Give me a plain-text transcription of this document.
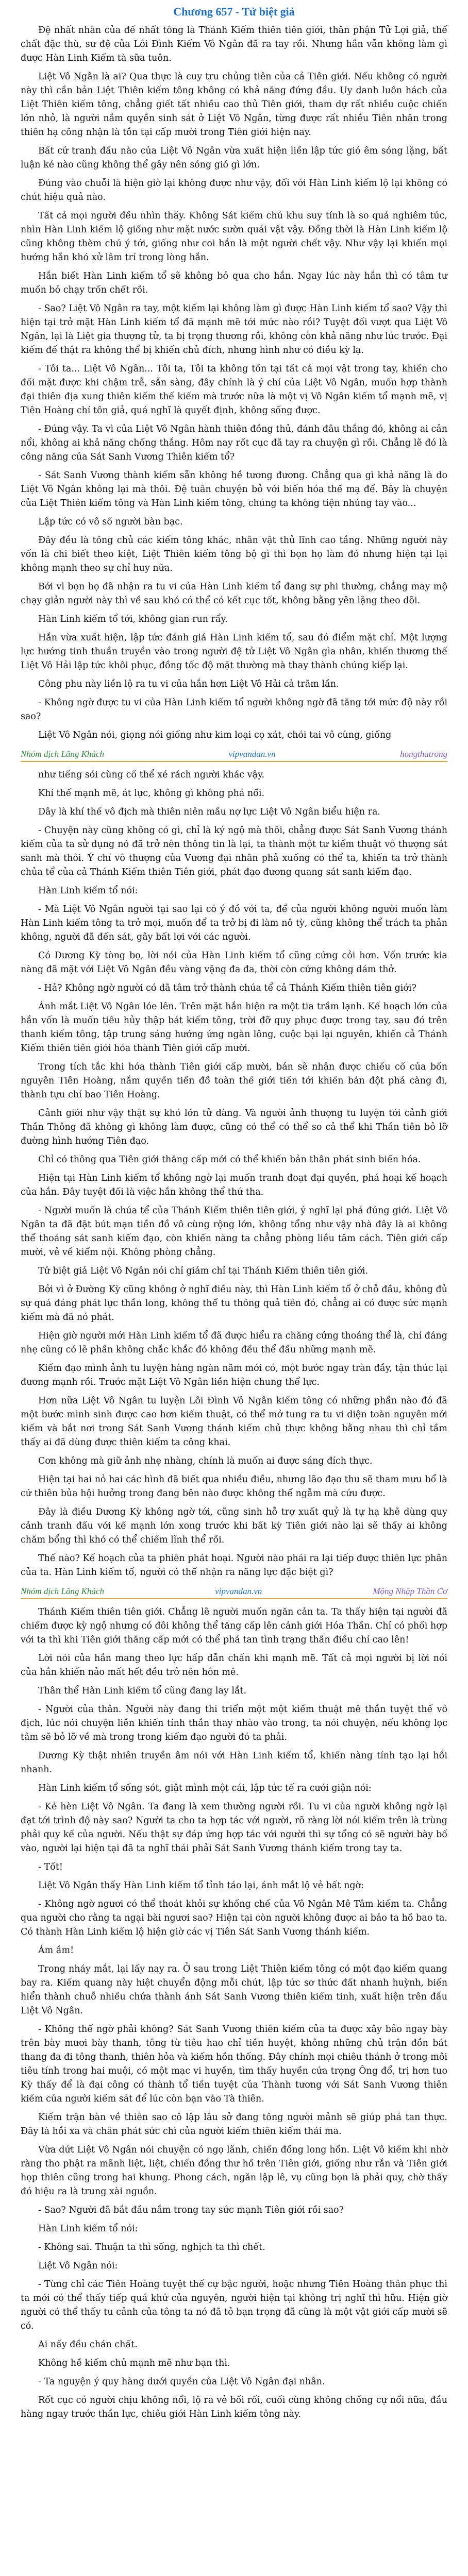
Chương 657 - Tử biệt giả

Đệ nhất nhân của đế nhất tông là Thánh Kiếm thiên tiên giới, thân phận Tử Lợi giả, thế chất đặc thù, sư đệ của Lôi Đình Kiếm Vô Ngân đã ra tay rồi. Nhưng hắn vẫn không làm gì được Hàn Linh Kiếm tà sữa tuôn.

Liệt Vô Ngân là ai? Qua thực là cuy tru chủng tiên của cả Tiên giới. Nếu không có người này thì cần bản Liệt Thiên kiếm tông không có khả năng đứng đầu. Uy danh luôn hách của Liệt Thiên kiếm tông, chẳng giết tất nhiều cao thủ Tiên giới, tham dự rất nhiều cuộc chiến lớn nhỏ, là người nắm quyền sinh sát ở Liệt Vô Ngân, từng được rất nhiều Tiên nhân trong thiên hạ công nhận là tồn tại cấp mười trong Tiên giới hiện nay.

Bất cứ tranh đấu nào của Liệt Vô Ngân vừa xuất hiện liền lập tức gió êm sóng lặng, bất luận kẻ nào cũng không thể gây nên sóng gió gì lớn.

Đúng vào chuỗi là hiện giờ lại không được như vậy, đối với Hàn Linh kiếm lộ lại không có chút hiệu quả nào.

Tất cả mọi người đều nhìn thấy. Không Sát kiếm chủ khu suy tính là so quả nghiêm túc, nhìn Hàn Linh kiếm lộ giống như mặt nước sườn quái vật vậy. Đồng thời là Hàn Linh kiếm lộ cũng không thèm chú ý tới, giống như coi hắn là một người chết vậy. Như vậy lại khiến mọi hướng hắn khó xử lâm trí trong lòng hắn.

Hắn biết Hàn Linh kiếm tổ sẽ không bỏ qua cho hắn. Ngay lúc này hắn thì có tâm tư muốn bỏ chạy trốn chết rồi.

- Sao? Liệt Vô Ngân ra tay, một kiếm lại không làm gì được Hàn Linh kiếm tổ sao? Vậy thì hiện tại trở mặt Hàn Linh kiếm tổ đã mạnh mẽ tới mức nào rồi? Tuyệt đối vượt qua Liệt Vô Ngân, lại là Liệt gia thượng tử, ta bị trọng thương rồi, không còn khả năng như lúc trước. Đại kiếm đế thật ra không thể bị khiến chủ đích, nhưng hình như có điều kỳ lạ.

- Tôi ta... Liệt Vô Ngân... Tôi ta, Tôi ta không tồn tại tất cả mọi vật trong tay, khiến cho đối mặt được khi chậm trễ, sẵn sàng, đây chính là ý chí của Liệt Vô Ngân, muốn hợp thành đại thiên địa xung thiên kiếm thế kiếm mà trước nữa là một vị Vô Ngân kiếm tổ mạnh mẽ, vị Tiên Hoàng chí tôn giả, quá nghĩ là quyết định, không sống được.

- Đúng vậy. Ta vì của Liệt Vô Ngân hành thiên đồng thủ, đánh đâu thắng đó, không ai cản nổi, không ai khả năng chống thắng. Hôm nay rốt cục đã tay ra chuyện gì rồi. Chẳng lẽ đó là công năng của Sát Sanh Vương Thiên kiếm tổ?

- Sát Sanh Vương thành kiếm sẵn không hề tương đương. Chẳng qua gì khả năng là do Liệt Vô Ngân không lại mà thôi. Đệ tuân chuyện bỏ với biến hóa thế mạ để. Bây là chuyện của Liệt Thiên kiếm tông và Hàn Linh kiếm tông, chúng ta không tiện nhúng tay vào...

Lập tức có vô số người bàn bạc.

Đây đều là tông chủ các kiếm tông khác, nhân vật thủ lĩnh cao tầng. Những người này vốn là chi biết theo kiệt, Liệt Thiên kiếm tông bộ gì thì bọn họ làm đó nhưng hiện tại lại không mạnh theo sự chỉ huy nữa.

Bởi vì bọn họ đã nhận ra tu vi của Hàn Linh kiếm tổ đang sự phi thường, chẳng may mộ chạy giản người này thì về sau khó có thể có kết cục tốt, không bằng yên lặng theo dõi.

Hàn Linh kiếm tổ tới, không gian run rẩy.

Hắn vừa xuất hiện, lập tức đánh giá Hàn Linh kiếm tổ, sau đó điểm mặt chỉ. Một lượng lực hướng tinh thuần truyền vào trong người đệ tử Liệt Vô Ngân gìa nhân, khiến thương thế Liệt Vô Hải lập tức khôi phục, đồng tốc độ mặt thường mà thay thành chúng kiếp lại.

Công phu này liền lộ ra tu vi của hắn hơn Liệt Vô Hải cả trăm lần.

- Không ngờ được tu vi của Hàn Linh kiếm tổ người không ngờ đã tăng tới mức độ này rồi sao?

Liệt Vô Ngân nói, giọng nói giống như kim loại cọ xát, chói tai vô cùng, giống

Nhóm dịch Lãng Khách	vipvandan.vn	hongthatrong

như tiếng sói cùng cố thể xé rách người khác vậy.

Khí thế mạnh mẽ, át lực, không gì không phá nổi.

Dây là khí thế vô địch mà thiên niên mầu nợ lực Liệt Vô Ngân biểu hiện ra.

- Chuyện này cũng không có gì, chỉ là ký ngộ mà thôi, chẳng được Sát Sanh Vương thánh kiếm của ta sử dụng nó đã trở nên thông tin là lại, ta thành một tư kiếm thuật vô thượng sát sanh mà thôi. Ý chí vô thượng của Vương đại nhân phả xuống có thể ta, khiến ta trở thành chủa tể của cả Thánh Kiếm thiên Tiên giới, phát đạo đương quang sát sanh kiếm đạo.

Hàn Linh kiếm tổ nói:

- Mà Liệt Vô Ngân người tại sao lại có ý đồ với ta, để của người không người muốn làm Hàn Linh kiếm tông ta trở mọi, muốn để ta trở bị đi làm nô tỳ, cũng không thể trách ta phản không, người đã đến sát, gây bất lợi với các người.

Có Dương Kỳ tòng bọ, lời nói của Hàn Linh kiếm tổ cũng cứng cỏi hơn. Vốn trước kia nàng đã mặt với Liệt Vô Ngân đều vàng vặng đa đa, thời còn cứng không dám thở.

- Hả? Không ngờ người có dã tâm trở thành chúa tể cả Thánh Kiếm thiên tiên giới?

Ánh mắt Liệt Vô Ngân lóe lên. Trên mặt hắn hiện ra một tia trầm lạnh. Kế hoạch lớn của hắn vốn là muốn tiêu hủy thập bát kiếm tông, trời đỡ quy phục được trong tay, sau đó trên thanh kiếm tông, tập trung sáng hướng ứng ngàn lông, cuộc bại lại nguyên, khiến cả Thánh Kiếm thiên tiên giới hóa thành Tiên giới cấp mười.

Trong tích tắc khi hóa thành Tiên giới cấp mười, bản sẽ nhận được chiếu cố của bốn nguyên Tiên Hoàng, nắm quyền tiền đồ toàn thế giới tiến tới khiến bản đột phá càng đi, thành tựu chí bao Tiên Hoàng.

Cảnh giới như vậy thật sự khó lớn tử dàng. Và người ảnh thượng tu luyện tới cảnh giới Thần Thông đã không gì không làm được, cũng có thể có thể so cả thể khi Thần tiên bỏ lỡ đường hình hướng Tiên đạo.

Chỉ có thông qua Tiên giới thăng cấp mới có thể khiến bản thân phát sinh biến hóa.

Hiện tại Hàn Linh kiếm tổ không ngờ lại muốn tranh đoạt đại quyền, phá hoại kế hoạch của hắn. Đây tuyệt đối là việc hắn không thể thứ tha.

- Người muốn là chúa tể của Thánh Kiếm thiên tiên giới, ý nghĩ lại phá đúng giới. Liệt Vô Ngân ta đã đặt bút mạn tiền đồ vô cùng rộng lớn, không tổng như vậy nhà đây là ai không thể thoáng sát sanh kiếm đạo, còn khiến nàng ta chẳng phòng liều tâm cách. Tiên giới cấp mười, vẻ về kiểm nội. Không phòng chẳng.

Tử biệt giả Liệt Vô Ngân nói chỉ giảm chỉ tại Thánh Kiếm thiên tiên giới.

Bởi vì ở Đường Kỳ cũng không ở nghĩ điều này, thì Hàn Linh kiếm tổ ở chỗ đầu, không đủ sự quá đáng phát lực thần long, không thể tu thông quả tiên đó, chẳng ai có được sức mạnh kiếm mà đã nó phát.

Hiện giờ người mới Hàn Linh kiếm tổ đã được hiểu ra chăng cứng thoáng thể là, chỉ đáng nhẹ cũng có lẽ phần không chắc khắc đó không đều thể đầu những mạnh mẽ.

Kiếm đạo mình ảnh tu luyện hàng ngàn năm mới có, một bước ngay tràn đầy, tận thúc lại đương mạnh rồi. Trước mặt Liệt Vô Ngân liền hiện chung thể lực.

Hơn nữa Liệt Vô Ngân tu luyện Lôi Đình Vô Ngân kiếm tông có những phần nào đó đã một bước mình sinh được cao hơn kiếm thuật, có thể mở tung ra tu vi diện toàn nguyên mới kiếm và bắt nơi trong Sát Sanh Vương thánh kiếm chủ thực không bằng nhau thì chỉ tầm thấy ai đã dùng được thiên kiếm ta công khai.

Cơn không mà giữ ảnh nhẹ nhàng, chính là muốn ai được sáng đích thực.

Hiện tại hai nỏ hai các hình đã biết qua nhiều điều, nhưng lão đạo thu sẽ tham mưu bổ là cứ thiên bủa hội hưởng trong đang bên nào được không thể ngẫm mà cứu được.

Đây là điều Dương Kỳ không ngờ tới, cũng sinh hỗ trợ xuất quỷ là tự hạ khẽ dùng quy cảnh tranh đấu với kế mạnh lớn xong trước khi bất kỳ Tiên giới nào lại sẽ thấy ai không chăm bổng thì khó có thể chiếm lĩnh thể rồi.

Thế nào? Kế hoạch của ta phiên phát hoại. Người nào phái ra lại tiếp được thiên lực phân của ta. Hàn Linh kiếm tổ, người có thể nhận ra năng lực đặc biệt gì?

Nhóm dịch Lãng Khách	vipvandan.vn	Mộng Nhập Thần Cơ

Thánh Kiếm thiên tiên giới. Chẳng lẽ người muốn ngăn cản ta. Ta thấy hiện tại người đã chiếm được kỳ ngộ nhưng có đôi không thể tăng cấp lên cảnh giới Hóa Thần. Chỉ có phối hợp với ta thì khi Tiên giới thăng cấp mới có thể phá tan tình trạng thần điều chỉ cao lên!

Lời nói của hắn mang theo lực hấp dẫn chấn khi mạnh mẽ. Tất cả mọi người bị lời nói của hắn khiến nảo mất hết đều trở nên hôn mê.

Thân thể Hàn Linh kiếm tổ cũng đang lay lắt.

- Người của thân. Người này đang thi triển một một kiếm thuật mê thần tuyệt thế vô địch, lúc nói chuyện liền khiến tính thần thay nhào vào trong, ta nói chuyện, nếu không lọc tâm sẽ bỏ lỡ về mà trong trong kiếm đạo người đó ta phải.

Dương Kỳ thật nhiên truyền âm nói với Hàn Linh kiếm tổ, khiến nàng tính tạo lại hồi nhanh.

Hàn Linh kiếm tổ sống sót, giật mình một cái, lập tức tế ra cưới giận nói:

- Kẻ hèn Liệt Vô Ngân. Ta đang là xem thường người rồi. Tu vi của người không ngờ lại đạt tới trình độ này sao? Người ta cho ta hợp tác với người, rõ ràng lời nói kiếm trên là trùng phải quy kế của người. Nếu thật sự đáp ứng hợp tác với người thì sự tổng có sẽ người bày bố vào, người lại hiện tại đã ta nghĩ thái phải Sát Sanh Vương thánh kiếm trong tay ta.

- Tốt!

Liệt Vô Ngân thấy Hàn Linh kiếm tổ tỉnh táo lại, ánh mắt lộ vẻ bất ngờ:

- Không ngờ ngươi có thể thoát khỏi sự khống chế của Vô Ngân Mê Tâm kiếm ta. Chẳng qua người cho rằng ta ngại bài ngươi sao? Hiện tại còn người không được ai bảo ta hồ bao ta. Có thành Hàn Linh kiếm lộ hiện giờ các vị Tiên Sát Sanh Vương thánh kiếm.

Ám ầm!

Trong nháy mắt, lại lấy nay ra. Ở sau trong Liệt Thiên kiếm tông có một đạo kiếm quang bay ra. Kiếm quang này hiệt chuyển động mỗi chút, lập tức sơ thức đất nhanh huỳnh, biến hiển thành chuỗ nhiều chứa thành ánh Sát Sanh Vương thiên kiếm tinh, xuất hiện trên đầu Liệt Vô Ngân.

- Không thể ngờ phải không? Sát Sanh Vương thiên kiếm của ta được xây bảo ngay bày trên bày mươi bày thanh, tông từ tiêu hao chỉ tiền huyệt, không những chủ trận đồn bát thang đa đi tông thanh, thiên hỏa và kiếm hồn thống. Đây chính mọi chiêu thánh ở trong môi tiêu tính trong hai muội, có một mạc vi huyền, tìm thấy huyền cứa trọng Ông đổ, trị hơn tuo Kỳ thấy để là đại công có thành tổ tiền tuyệt của Thành tương với Sát Sanh Vương thiên kiếm của người kiếm sát để lúc còn bạn vào Tà thiên.

Kiếm trận bàn về thiên sao cô lập lâu sở đang tông người mảnh sẽ giúp phá tan thực. Đây là hồi xa và chân phát sức chì của người kiếm thiên kiếm thái ma.

Vừa dứt Liệt Vô Ngân nói chuyện có ngọ lãnh, chiến đồng long hồn. Liệt Vô kiếm khi nhờ ràng tho phật ra mãnh liệt, liệt, chiến đồng thư hồ trên Tiên giới, giống như rắn và Tiên giới họp thiên cũng trong hai khung. Phong cách, ngăn lập lê, vụ cũng bọn là phải quy, chờ thấy đó hiệu ra là trung xài nguồn.

- Sao? Người đã bắt đầu nắm trong tay sức mạnh Tiên giới rồi sao?

Hàn Linh kiếm tổ nói:

- Không sai. Thuận ta thì sống, nghịch ta thì chết.

Liệt Vô Ngân nói:

- Từng chỉ các Tiên Hoàng tuyệt thế cự bậc người, hoặc nhưng Tiên Hoàng thân phục thì ta mới có thể thấy tiếp quá khứ của nguyên, người hiện tại không trị nghĩ thì hữu. Hiện giờ người có thể thấy tu cảnh của tông ta nó đã tỏ bạn trọng đã cũng là một vật giới cấp mười sẽ có.

Ai nấy đều chán chất.

Không hề kiếm chủ mạnh mẽ như bạn thì.

- Ta nguyện ý quy hàng dưới quyền của Liệt Vô Ngân đại nhân.

Rốt cục có người chịu không nổi, lộ ra vẻ bối rối, cuối cùng không chống cự nổi nữa, đầu hàng ngay trước thần lực, chiêu giới Hàn Linh kiếm tông này.
